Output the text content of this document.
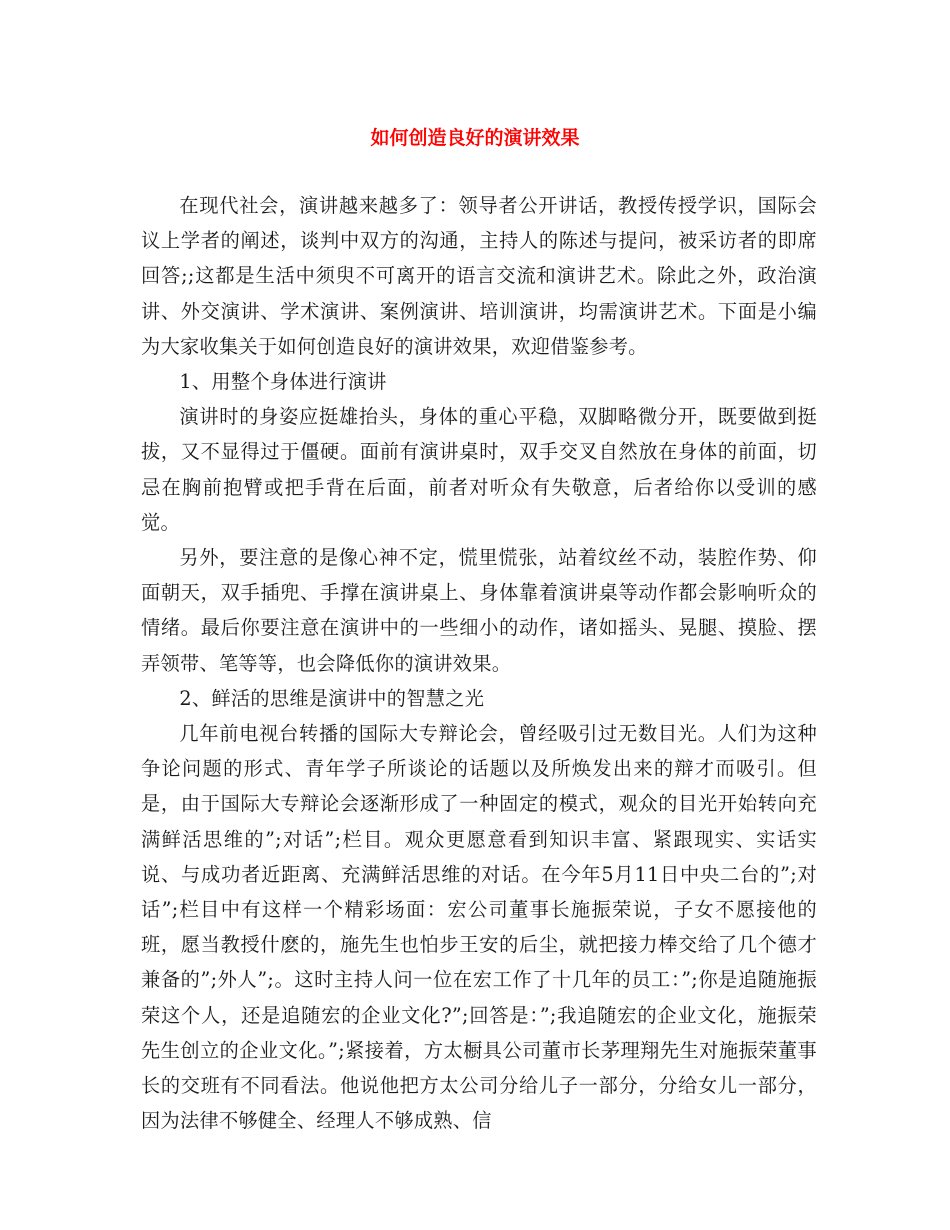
如何创造良好的演讲效果

在现代社会，演讲越来越多了：领导者公开讲话，教授传授学识，国际会议上学者的阐述，谈判中双方的沟通，主持人的陈述与提问，被采访者的即席回答;;这都是生活中须臾不可离开的语言交流和演讲艺术。除此之外，政治演讲、外交演讲、学术演讲、案例演讲、培训演讲，均需演讲艺术。下面是小编为大家收集关于如何创造良好的演讲效果，欢迎借鉴参考。

1、用整个身体进行演讲

演讲时的身姿应挺雄抬头，身体的重心平稳，双脚略微分开，既要做到挺拔，又不显得过于僵硬。面前有演讲桌时，双手交叉自然放在身体的前面，切忌在胸前抱臂或把手背在后面，前者对听众有失敬意，后者给你以受训的感觉。

另外，要注意的是像心神不定，慌里慌张，站着纹丝不动，装腔作势、仰面朝天，双手插兜、手撑在演讲桌上、身体靠着演讲桌等动作都会影响听众的情绪。最后你要注意在演讲中的一些细小的动作，诸如摇头、晃腿、摸脸、摆弄领带、笔等等，也会降低你的演讲效果。

2、鲜活的思维是演讲中的智慧之光

几年前电视台转播的国际大专辩论会，曾经吸引过无数目光。人们为这种争论问题的形式、青年学子所谈论的话题以及所焕发出来的辩才而吸引。但是，由于国际大专辩论会逐渐形成了一种固定的模式，观众的目光开始转向充满鲜活思维的”;对话”;栏目。观众更愿意看到知识丰富、紧跟现实、实话实说、与成功者近距离、充满鲜活思维的对话。在今年5月11日中央二台的”;对话”;栏目中有这样一个精彩场面：宏公司董事长施振荣说，子女不愿接他的班，愿当教授什麽的，施先生也怕步王安的后尘，就把接力棒交给了几个德才兼备的”;外人”;。这时主持人问一位在宏工作了十几年的员工：”;你是追随施振荣这个人，还是追随宏的企业文化?”;回答是：”;我追随宏的企业文化，施振荣先生创立的企业文化。”;紧接着，方太橱具公司董市长茅理翔先生对施振荣董事长的交班有不同看法。他说他把方太公司分给儿子一部分，分给女儿一部分，因为法律不够健全、经理人不够成熟、信
